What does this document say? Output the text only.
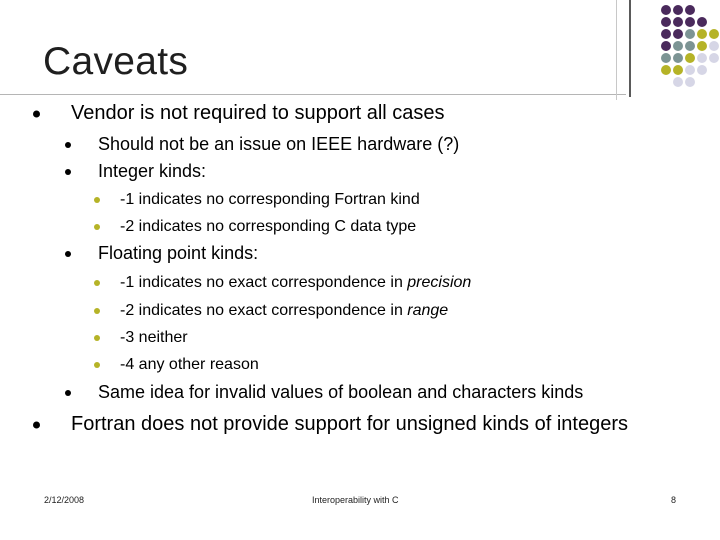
Caveats
Vendor is not required to support all cases
Should not be an issue on IEEE hardware (?)
Integer kinds:
-1 indicates no corresponding Fortran kind
-2 indicates no corresponding C data type
Floating point kinds:
-1 indicates no exact correspondence in precision
-2 indicates no exact correspondence in range
-3 neither
-4 any other reason
Same idea for invalid values of boolean and characters kinds
Fortran does not provide support for unsigned kinds of integers
2/12/2008	Interoperability with C	8
